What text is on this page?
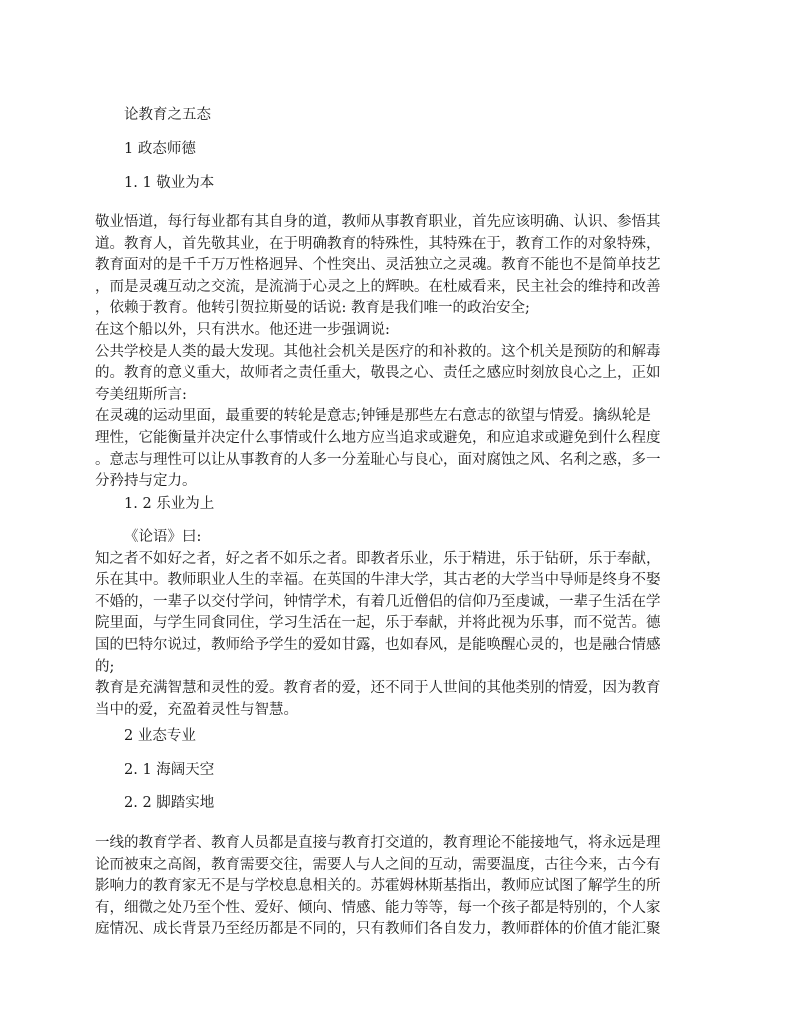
论教育之五态
1 政态师德
1. 1 敬业为本
敬业悟道，每行每业都有其自身的道，教师从事教育职业，首先应该明确、认识、参悟其
道。教育人，首先敬其业，在于明确教育的特殊性，其特殊在于，教育工作的对象特殊，
教育面对的是千千万万性格迥异、个性突出、灵活独立之灵魂。教育不能也不是简单技艺
，而是灵魂互动之交流，是流淌于心灵之上的辉映。在杜威看来，民主社会的维持和改善
，依赖于教育。他转引贺拉斯曼的话说: 教育是我们唯一的政治安全;
在这个船以外，只有洪水。他还进一步强调说:
公共学校是人类的最大发现。其他社会机关是医疗的和补救的。这个机关是预防的和解毒
的。教育的意义重大，故师者之责任重大，敬畏之心、责任之感应时刻放良心之上，正如
夸美纽斯所言:
在灵魂的运动里面，最重要的转轮是意志;钟锤是那些左右意志的欲望与情爱。擒纵轮是
理性，它能衡量并决定什么事情或什么地方应当追求或避免，和应追求或避免到什么程度
。意志与理性可以让从事教育的人多一分羞耻心与良心，面对腐蚀之风、名利之惑，多一
分矜持与定力。
1. 2 乐业为上
《论语》曰:
知之者不如好之者，好之者不如乐之者。即教者乐业，乐于精进，乐于钻研，乐于奉献，
乐在其中。教师职业人生的幸福。在英国的牛津大学，其古老的大学当中导师是终身不娶
不婚的，一辈子以交付学问，钟情学术，有着几近僧侣的信仰乃至虔诚，一辈子生活在学
院里面，与学生同食同住，学习生活在一起，乐于奉献，并将此视为乐事，而不觉苦。德
国的巴特尔说过，教师给予学生的爱如甘露，也如春风，是能唤醒心灵的，也是融合情感
的;
教育是充满智慧和灵性的爱。教育者的爱，还不同于人世间的其他类别的情爱，因为教育
当中的爱，充盈着灵性与智慧。
2 业态专业
2. 1 海阔天空
2. 2 脚踏实地
一线的教育学者、教育人员都是直接与教育打交道的，教育理论不能接地气，将永远是理
论而被束之高阁，教育需要交往，需要人与人之间的互动，需要温度，古往今来，古今有
影响力的教育家无不是与学校息息相关的。苏霍姆林斯基指出，教师应试图了解学生的所
有，细微之处乃至个性、爱好、倾向、情感、能力等等，每一个孩子都是特别的，个人家
庭情况、成长背景乃至经历都是不同的，只有教师们各自发力，教师群体的价值才能汇聚
